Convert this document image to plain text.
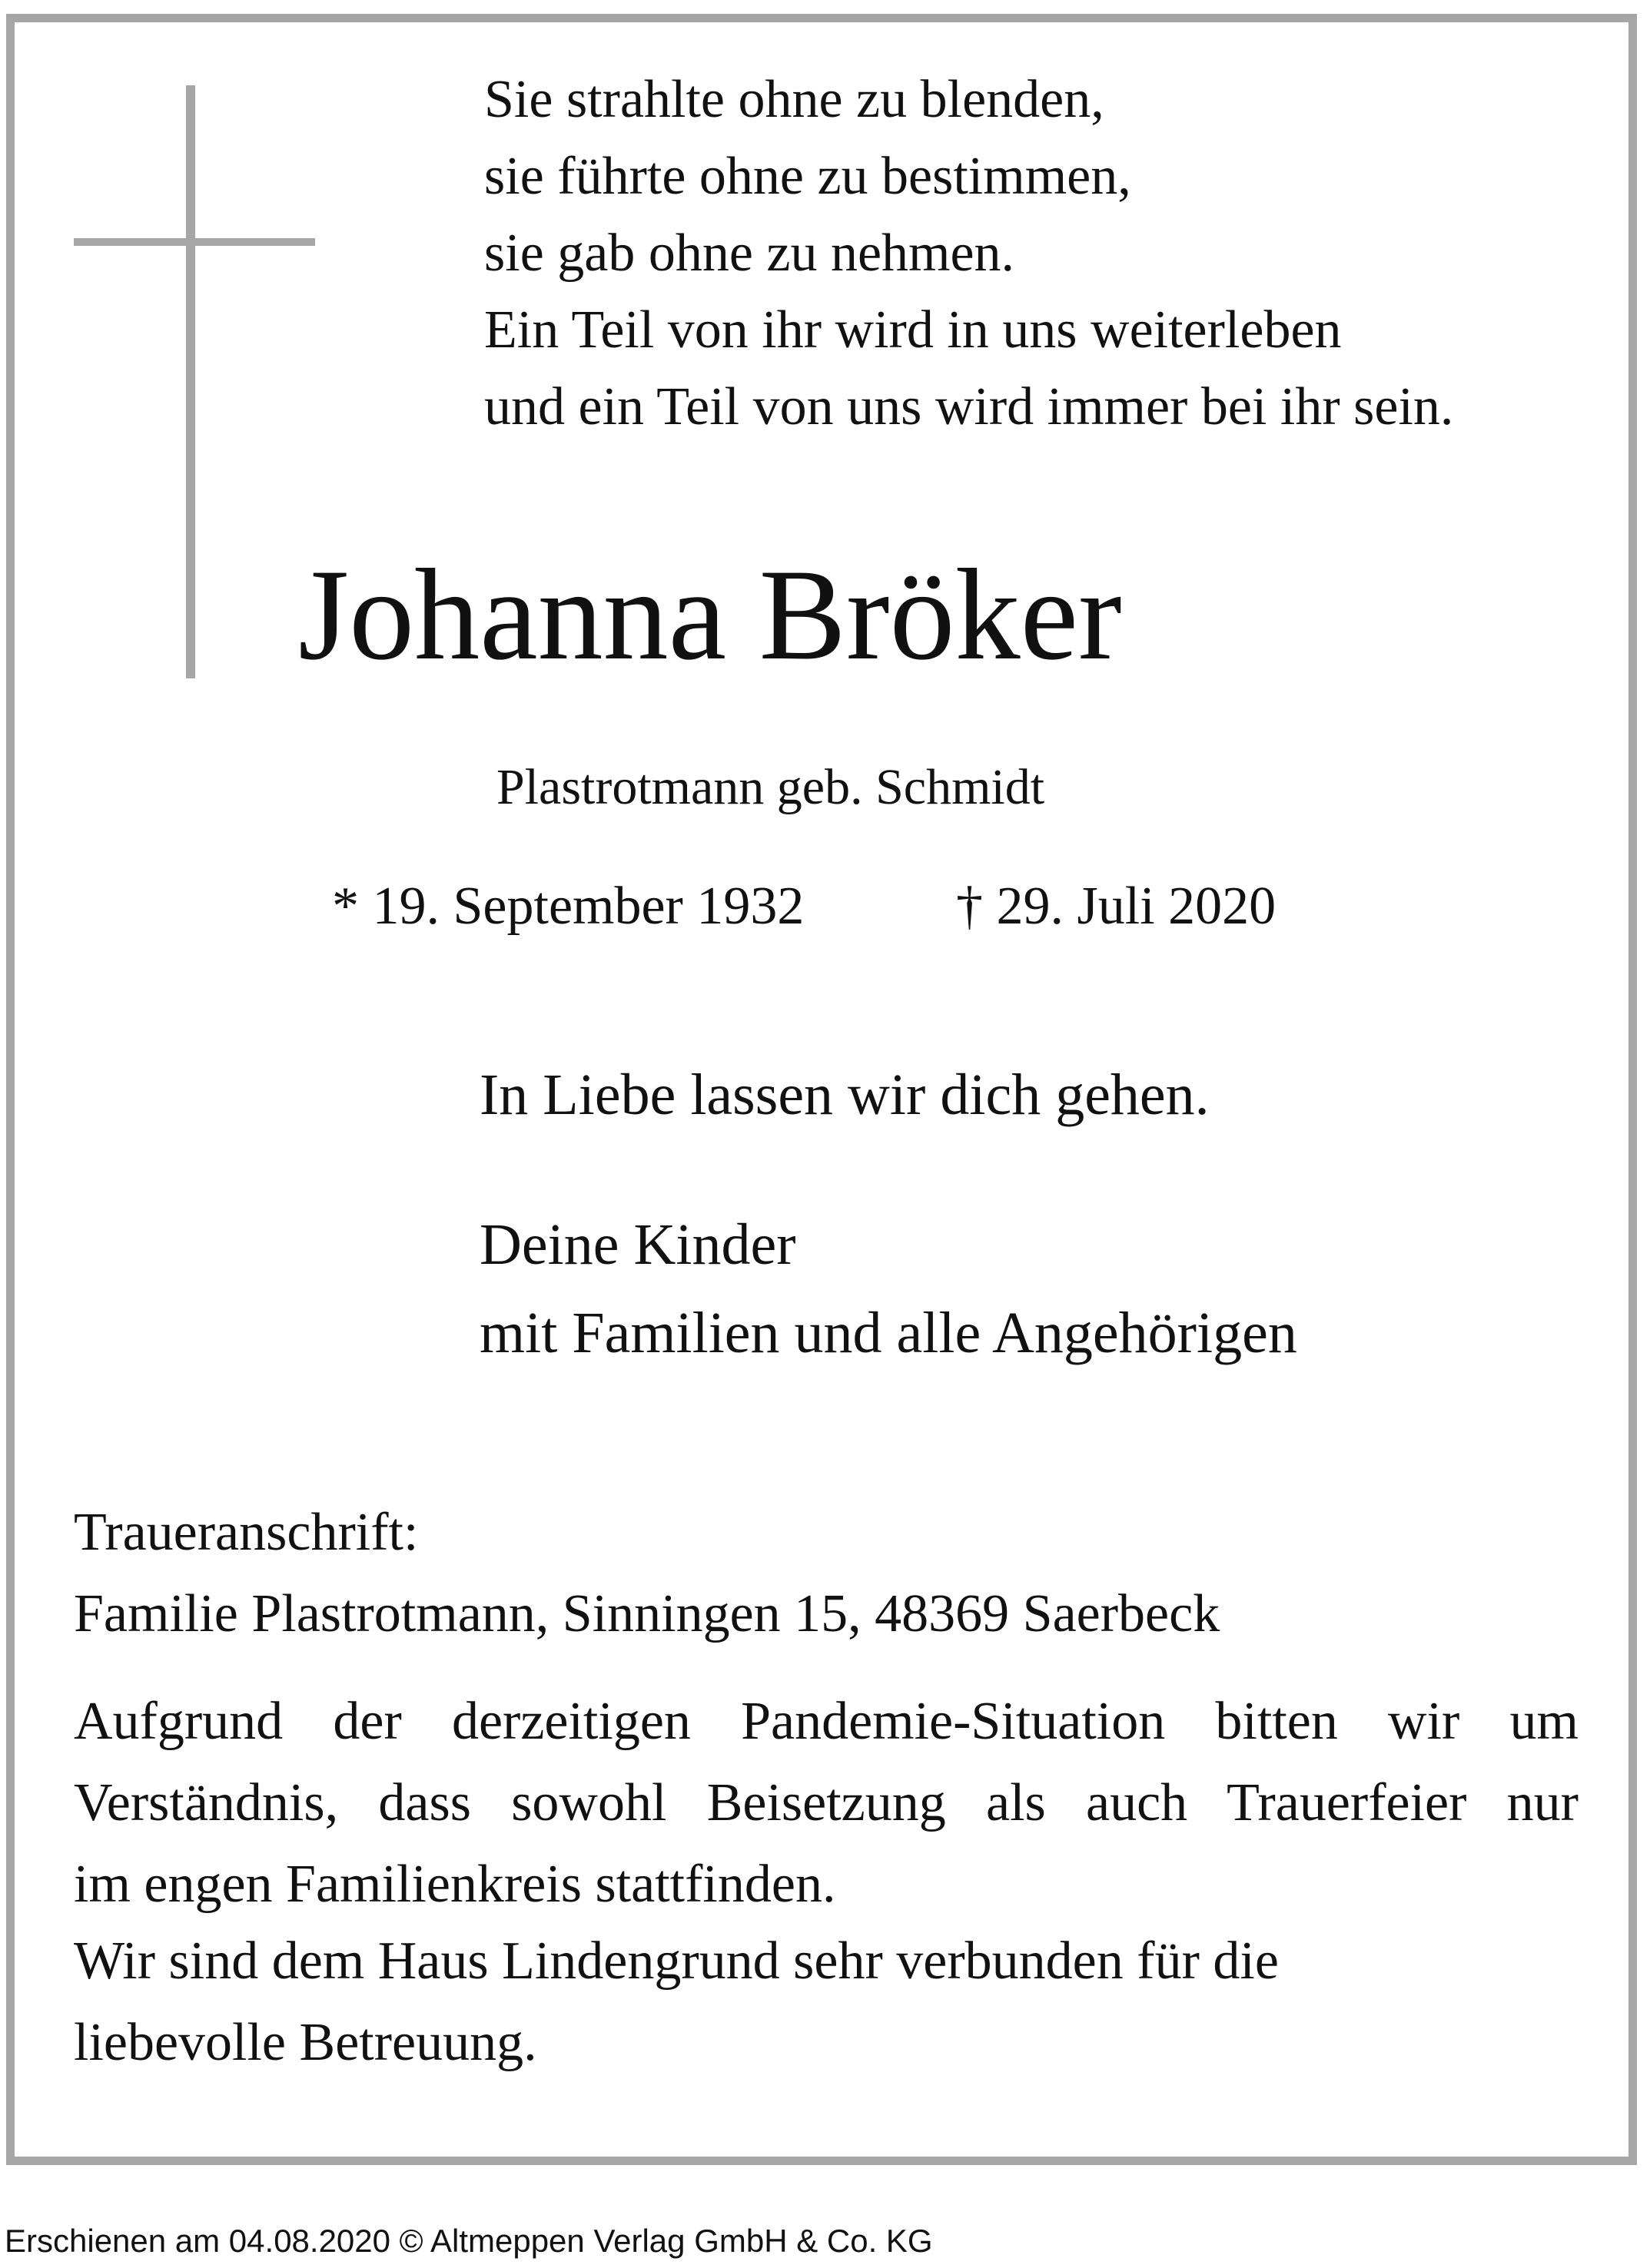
Sie strahlte ohne zu blenden,
sie führte ohne zu bestimmen,
sie gab ohne zu nehmen.
Ein Teil von ihr wird in uns weiterleben
und ein Teil von uns wird immer bei ihr sein.
Johanna Bröker
Plastrotmann geb. Schmidt
* 19. September 1932	† 29. Juli 2020
In Liebe lassen wir dich gehen.
Deine Kinder
mit Familien und alle Angehörigen
Traueranschrift:
Familie Plastrotmann, Sinningen 15, 48369 Saerbeck
Aufgrund der derzeitigen Pandemie-Situation bitten wir um
Verständnis, dass sowohl Beisetzung als auch Trauerfeier nur
im engen Familienkreis stattfinden.
Wir sind dem Haus Lindengrund sehr verbunden für die
liebevolle Betreuung.
Erschienen am 04.08.2020 © Altmeppen Verlag GmbH & Co. KG
